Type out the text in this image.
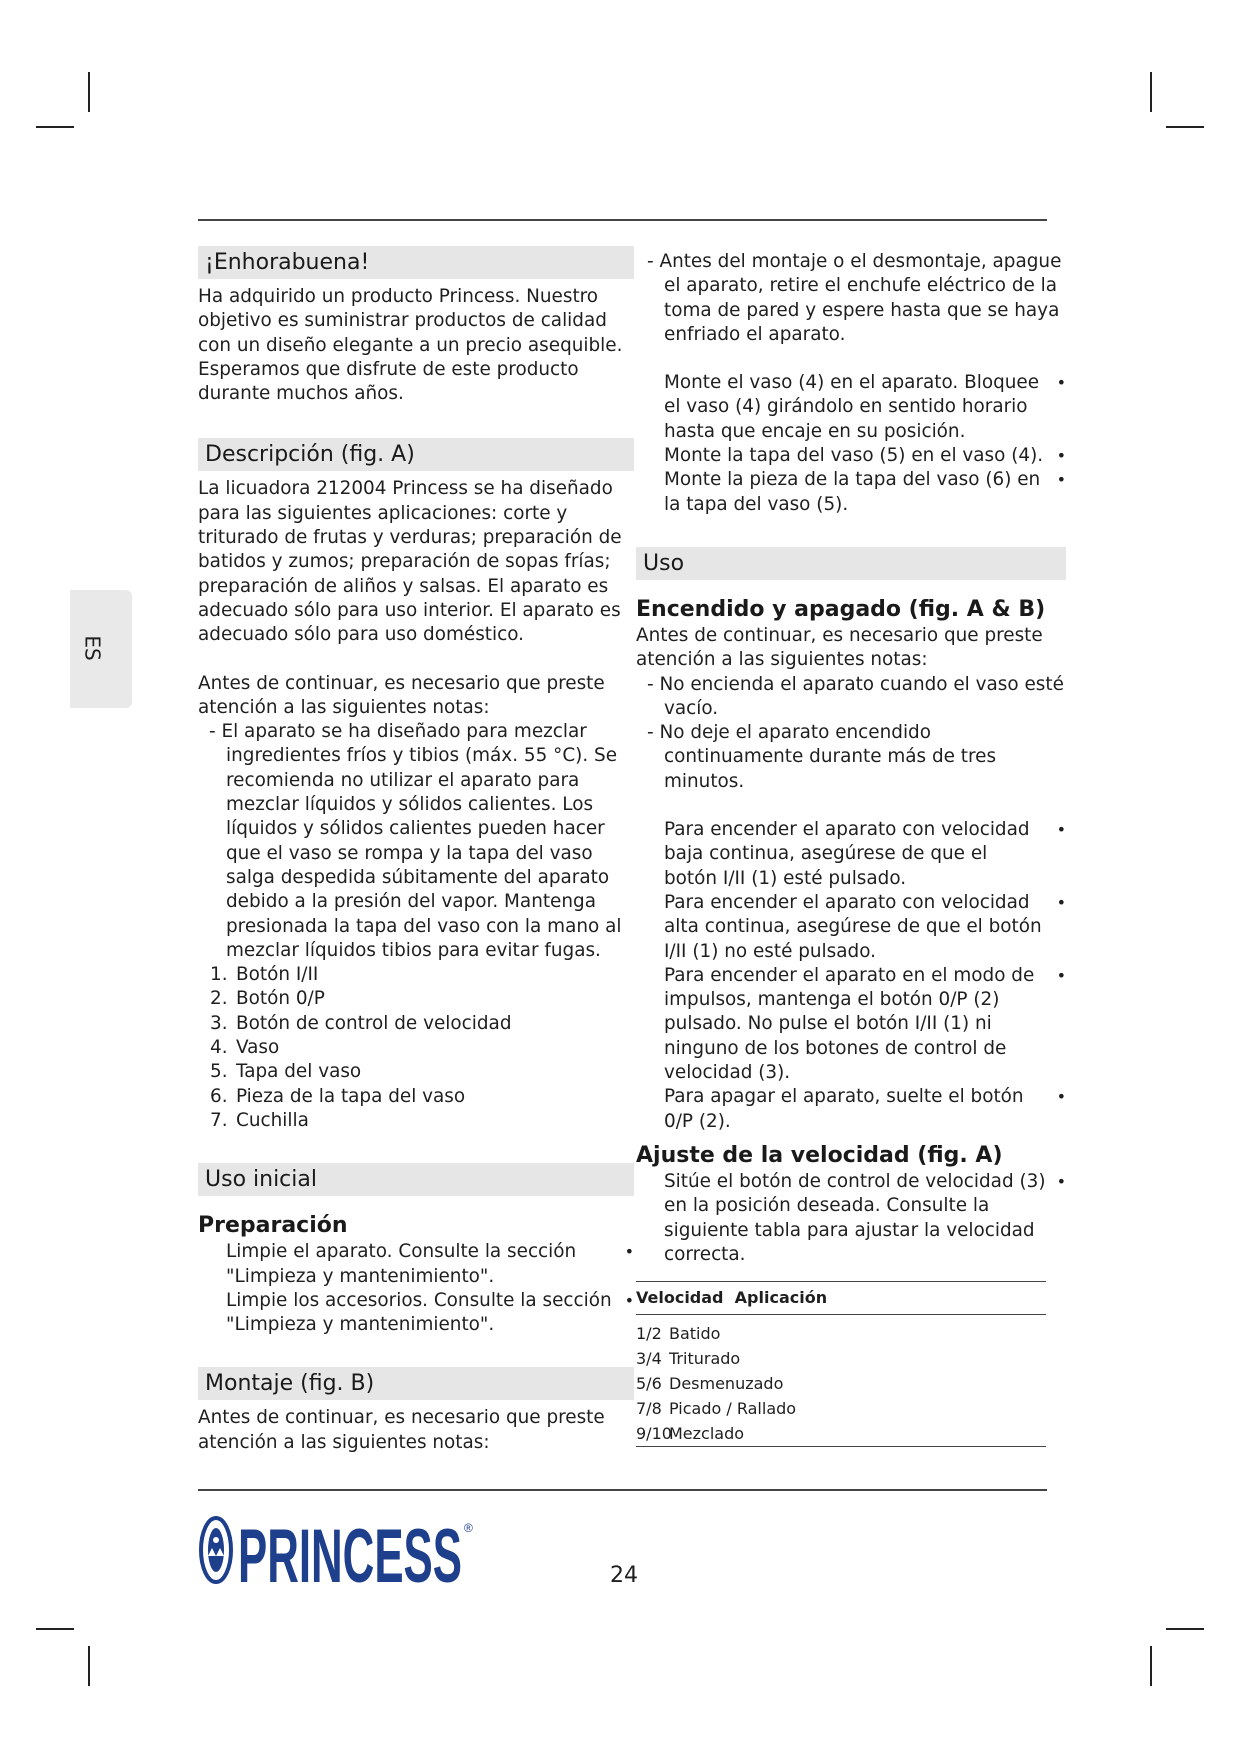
ES
¡Enhorabuena!

Ha adquirido un producto Princess. Nuestro objetivo es suministrar productos de calidad con un diseño elegante a un precio asequible. Esperamos que disfrute de este producto durante muchos años.

Descripción (fig. A)

La licuadora 212004 Princess se ha diseñado para las siguientes aplicaciones: corte y triturado de frutas y verduras; preparación de batidos y zumos; preparación de sopas frías; preparación de aliños y salsas. El aparato es adecuado sólo para uso interior. El aparato es adecuado sólo para uso doméstico.

Antes de continuar, es necesario que preste atención a las siguientes notas:

- El aparato se ha diseñado para mezclar ingredientes fríos y tibios (máx. 55 °C). Se recomienda no utilizar el aparato para mezclar líquidos y sólidos calientes. Los líquidos y sólidos calientes pueden hacer que el vaso se rompa y la tapa del vaso salga despedida súbitamente del aparato debido a la presión del vapor. Mantenga presionada la tapa del vaso con la mano al mezclar líquidos tibios para evitar fugas.

1. Botón I/II
2. Botón 0/P
3. Botón de control de velocidad
4. Vaso
5. Tapa del vaso
6. Pieza de la tapa del vaso
7. Cuchilla
Uso inicial
Preparación

Limpie el aparato. Consulte la sección "Limpieza y mantenimiento".
•

Limpie los accesorios. Consulte la sección "Limpieza y mantenimiento".
•

Montaje (fig. B)

Antes de continuar, es necesario que preste atención a las siguientes notas:

- Antes del montaje o el desmontaje, apague el aparato, retire el enchufe eléctrico de la toma de pared y espere hasta que se haya enfriado el aparato.

Monte el vaso (4) en el aparato. Bloquee el vaso (4) girándolo en sentido horario hasta que encaje en su posición.
•

Monte la tapa del vaso (5) en el vaso (4). •

Monte la pieza de la tapa del vaso (6) en la tapa del vaso (5).
•

Uso
Encendido y apagado (fig. A & B)

Antes de continuar, es necesario que preste atención a las siguientes notas:

- No encienda el aparato cuando el vaso esté vacío.

- No deje el aparato encendido continuamente durante más de tres minutos.

Para encender el aparato con velocidad baja continua, asegúrese de que el botón I/II (1) esté pulsado.
•

Para encender el aparato con velocidad alta continua, asegúrese de que el botón I/II (1) no esté pulsado.
•

Para encender el aparato en el modo de impulsos, mantenga el botón 0/P (2) pulsado. No pulse el botón I/II (1) ni ninguno de los botones de control de velocidad (3).
•

Para apagar el aparato, suelte el botón 0/P (2).
•

Ajuste de la velocidad (fig. A)

Sitúe el botón de control de velocidad (3) en la posición deseada. Consulte la siguiente tabla para ajustar la velocidad correcta.
•

Velocidad Aplicación
1/2 Batido
3/4 Triturado
5/6 Desmenuzado
7/8 Picado / Rallado
9/10Mezclado
PRINCESS ®
24
